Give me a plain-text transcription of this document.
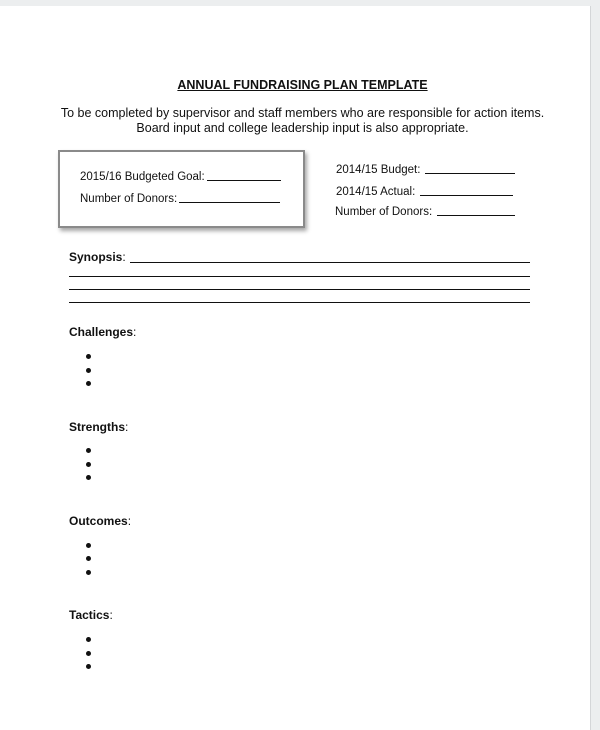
ANNUAL FUNDRAISING PLAN TEMPLATE
To be completed by supervisor and staff members who are responsible for action items.
Board input and college leadership input is also appropriate.
2015/16 Budgeted Goal:
Number of Donors:
2014/15 Budget:
2014/15 Actual:
Number of Donors:
Synopsis:
Challenges:
Strengths:
Outcomes:
Tactics:
